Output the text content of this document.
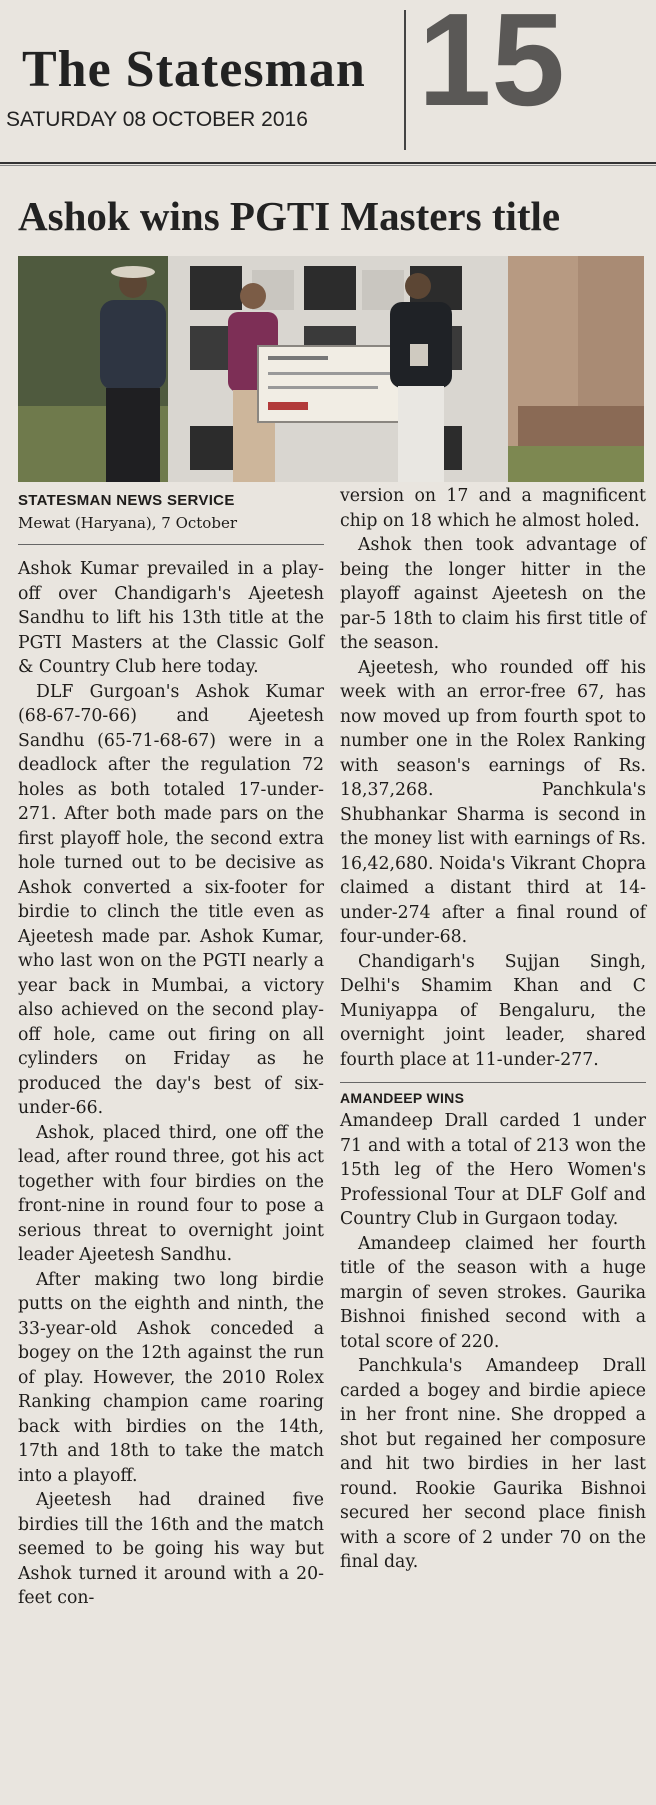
The Statesman
SATURDAY 08 OCTOBER 2016 15
Ashok wins PGTI Masters title
STATESMAN NEWS SERVICE
Mewat (Haryana), 7 October

Ashok Kumar prevailed in a play-off over Chandigarh's Ajeetesh Sandhu to lift his 13th title at the PGTI Masters at the Classic Golf & Country Club here today.

DLF Gurgoan's Ashok Kumar (68-67-70-66) and Ajeetesh Sandhu (65-71-68-67) were in a deadlock after the regulation 72 holes as both totaled 17-under-271. After both made pars on the first playoff hole, the second extra hole turned out to be decisive as Ashok converted a six-footer for birdie to clinch the title even as Ajeetesh made par. Ashok Kumar, who last won on the PGTI nearly a year back in Mumbai, a victory also achieved on the second play-off hole, came out firing on all cylinders on Friday as he produced the day's best of six-under-66.

Ashok, placed third, one off the lead, after round three, got his act together with four birdies on the front-nine in round four to pose a serious threat to overnight joint leader Ajeetesh Sandhu.

After making two long birdie putts on the eighth and ninth, the 33-year-old Ashok conceded a bogey on the 12th against the run of play. However, the 2010 Rolex Ranking champion came roaring back with birdies on the 14th, 17th and 18th to take the match into a playoff.

Ajeetesh had drained five birdies till the 16th and the match seemed to be going his way but Ashok turned it around with a 20-feet con-

version on 17 and a magnificent chip on 18 which he almost holed.

Ashok then took advantage of being the longer hitter in the playoff against Ajeetesh on the par-5 18th to claim his first title of the season.

Ajeetesh, who rounded off his week with an error-free 67, has now moved up from fourth spot to number one in the Rolex Ranking with season's earnings of Rs. 18,37,268. Panchkula's Shubhankar Sharma is second in the money list with earnings of Rs. 16,42,680. Noida's Vikrant Chopra claimed a distant third at 14-under-274 after a final round of four-under-68.

Chandigarh's Sujjan Singh, Delhi's Shamim Khan and C Muniyappa of Bengaluru, the overnight joint leader, shared fourth place at 11-under-277.

AMANDEEP WINS

Amandeep Drall carded 1 under 71 and with a total of 213 won the 15th leg of the Hero Women's Professional Tour at DLF Golf and Country Club in Gurgaon today.

Amandeep claimed her fourth title of the season with a huge margin of seven strokes. Gaurika Bishnoi finished second with a total score of 220.

Panchkula's Amandeep Drall carded a bogey and birdie apiece in her front nine. She dropped a shot but regained her composure and hit two birdies in her last round. Rookie Gaurika Bishnoi secured her second place finish with a score of 2 under 70 on the final day.
